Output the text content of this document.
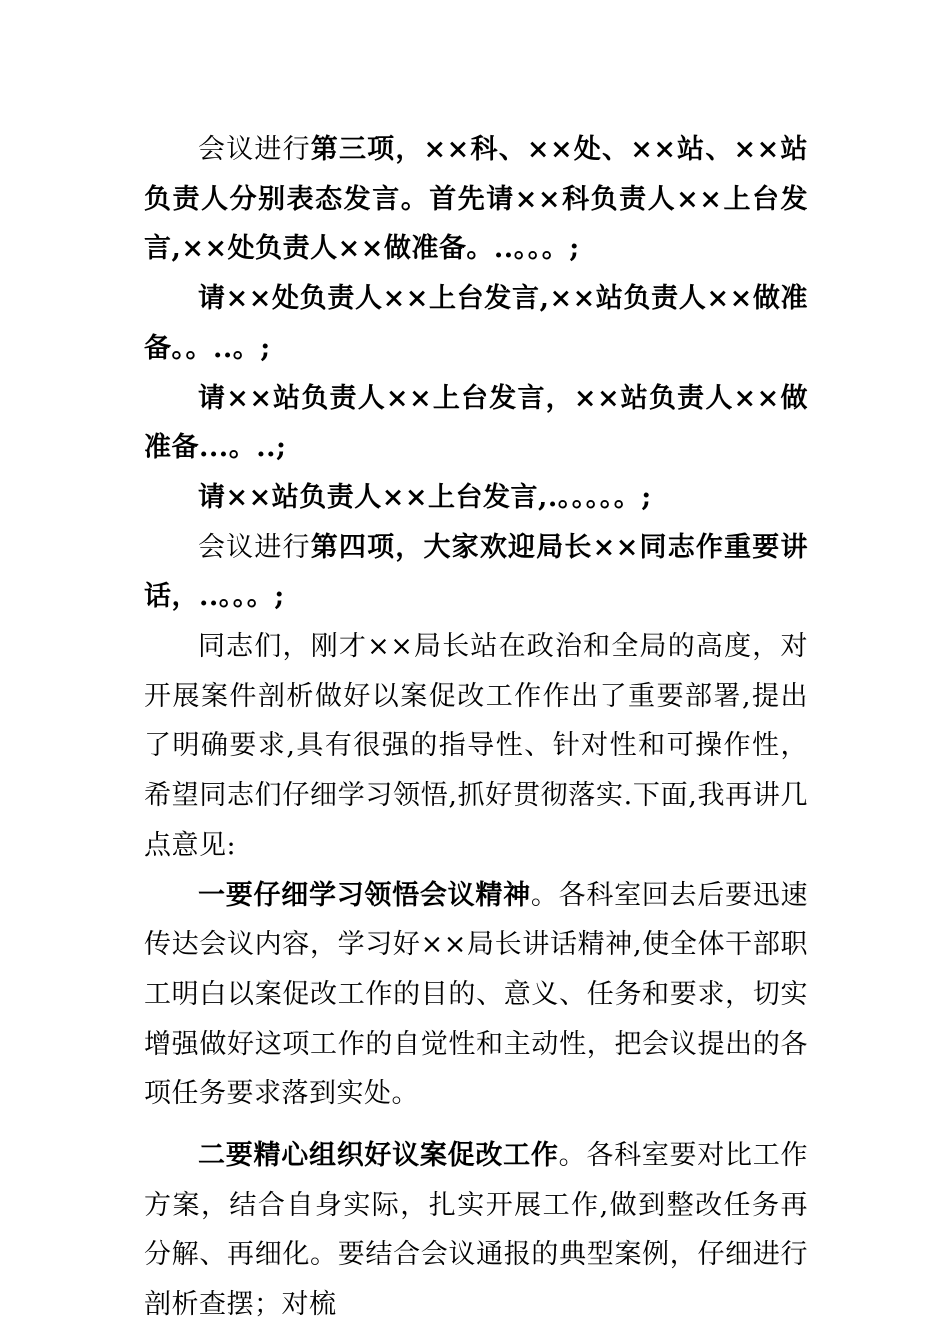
会议进行第三项，××科、××处、××站、××站负责人分别表态发言。首先请××科负责人××上台发言,××处负责人××做准备。..。。。;

请××处负责人××上台发言,××站负责人××做准备。。..。;

请××站负责人××上台发言，××站负责人××做准备...。..;

请××站负责人××上台发言,.。。。。。;

会议进行第四项，大家欢迎局长××同志作重要讲话，..。。。;

同志们，刚才××局长站在政治和全局的高度，对开展案件剖析做好以案促改工作作出了重要部署,提出了明确要求,具有很强的指导性、针对性和可操作性，希望同志们仔细学习领悟,抓好贯彻落实.下面,我再讲几点意见:

一要仔细学习领悟会议精神。各科室回去后要迅速传达会议内容，学习好××局长讲话精神,使全体干部职工明白以案促改工作的目的、意义、任务和要求，切实增强做好这项工作的自觉性和主动性，把会议提出的各项任务要求落到实处。

二要精心组织好议案促改工作。各科室要对比工作方案，结合自身实际，扎实开展工作,做到整改任务再分解、再细化。要结合会议通报的典型案例，仔细进行剖析查摆；对梳
